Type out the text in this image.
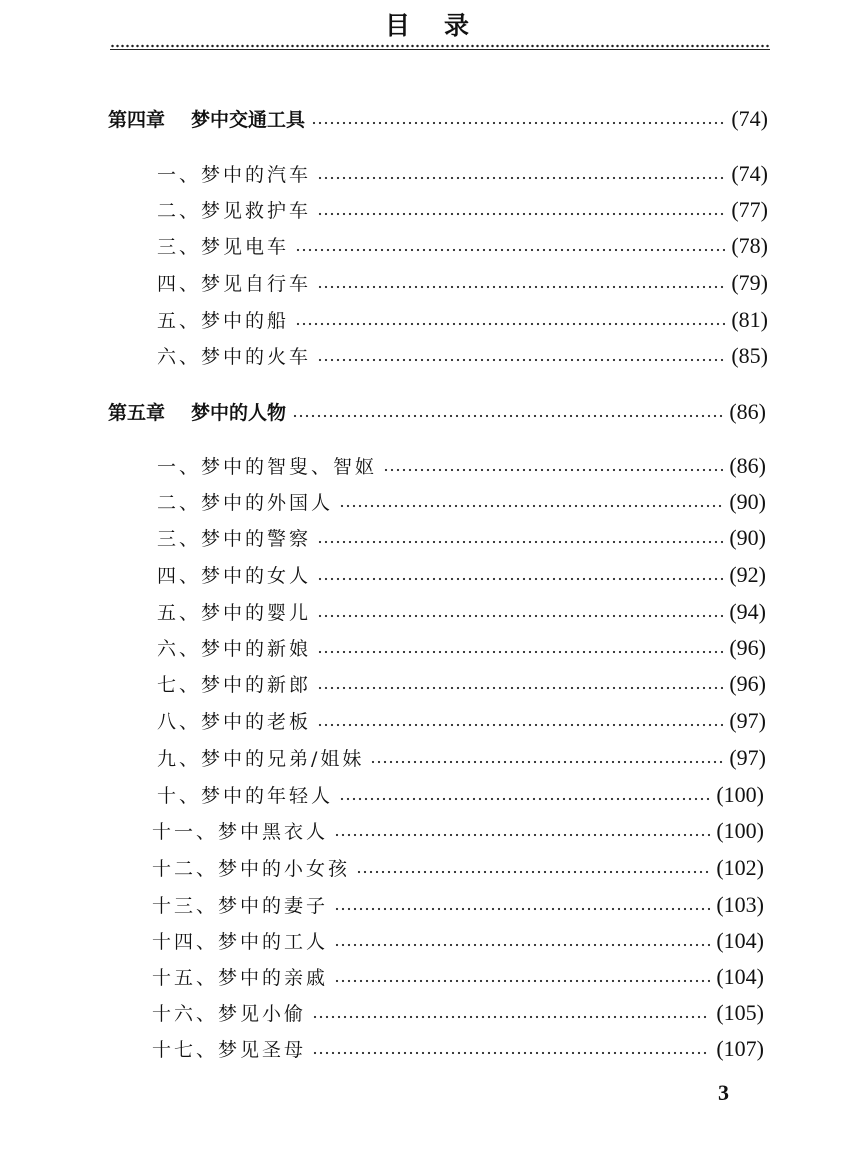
目录
第四章 梦中交通工具	(74)
一、梦中的汽车	(74)
二、梦见救护车	(77)
三、梦见电车	(78)
四、梦见自行车	(79)
五、梦中的船	(81)
六、梦中的火车	(85)
第五章 梦中的人物	(86)
一、梦中的智叟、智妪	(86)
二、梦中的外国人	(90)
三、梦中的警察	(90)
四、梦中的女人	(92)
五、梦中的婴儿	(94)
六、梦中的新娘	(96)
七、梦中的新郎	(96)
八、梦中的老板	(97)
九、梦中的兄弟/姐妹	(97)
十、梦中的年轻人	(100)
十一、梦中黑衣人	(100)
十二、梦中的小女孩	(102)
十三、梦中的妻子	(103)
十四、梦中的工人	(104)
十五、梦中的亲戚	(104)
十六、梦见小偷	(105)
十七、梦见圣母	(107)
3
